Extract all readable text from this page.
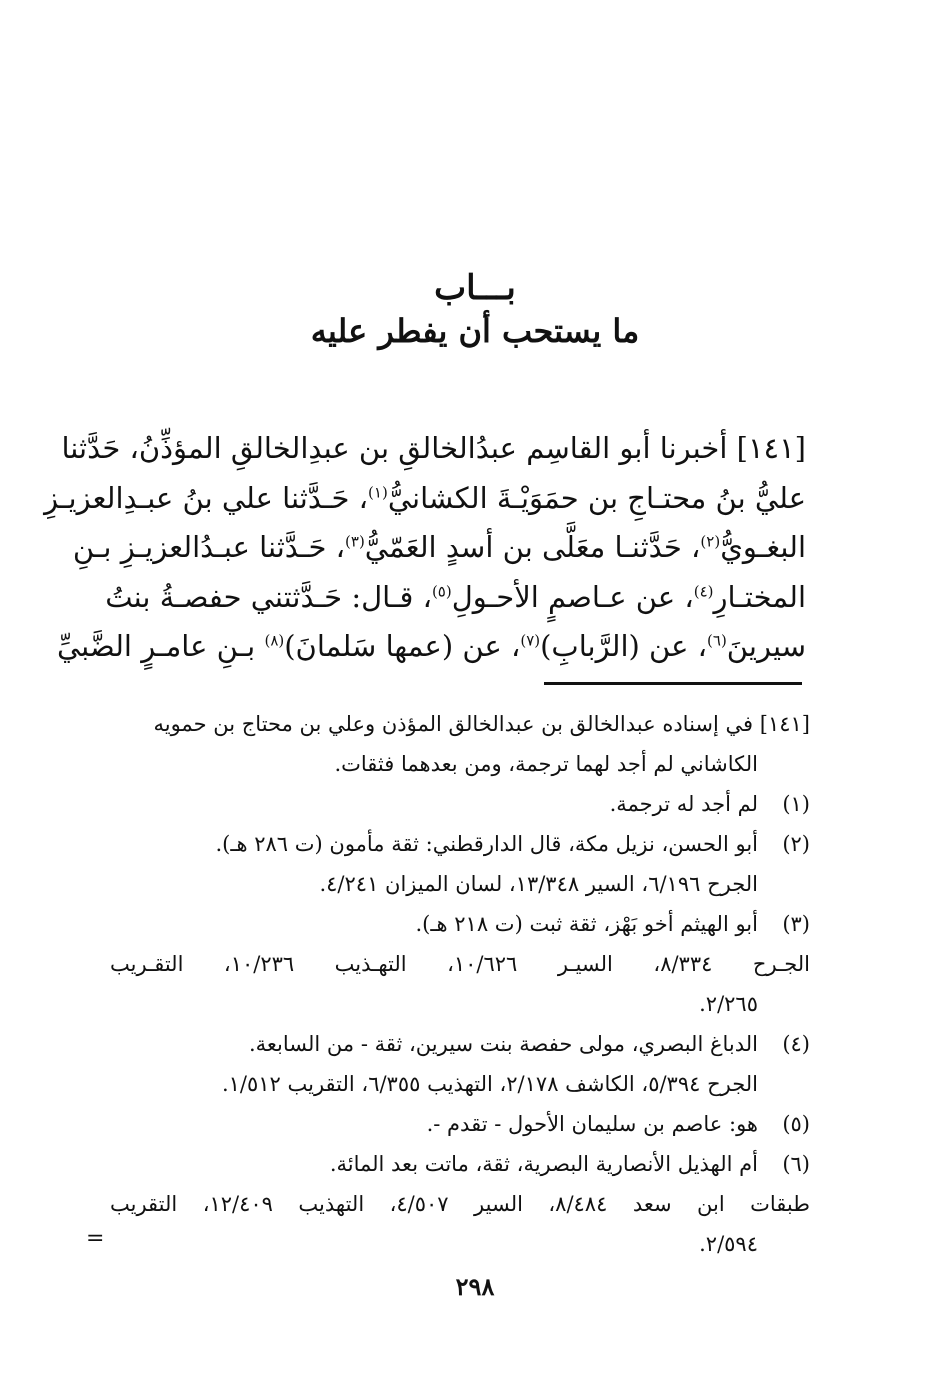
بـــاب
ما يستحب أن يفطر عليه
[١٤١] أخبرنا أبو القاسِم عبدُالخالقِ بن عبدِالخالقِ المؤذِّنُ، حَدَّثنا
عليُّ بنُ محتـاجِ بن حمَوَيْـةَ الكشانيُّ$^{(١)}$، حَـدَّثنا علي بنُ عبـدِالعزيـزِ
البغـويُّ$^{(٢)}$، حَدَّثنـا معَلَّى بن أسدٍ العَمّيُّ$^{(٣)}$، حَـدَّثنا عبـدُالعزيـزِ بـنِ
المختـارِ$^{(٤)}$، عن عـاصمٍ الأحـولِ$^{(٥)}$، قـال: حَـدَّثتني حفصـةُ بنتُ
سيرينَ$^{(٦)}$، عن (الرَّبابِ)$^{(٧)}$، عن (عمها سَلمانَ)$^{(٨)}$ بـنِ عامـرٍ الضَّبيِّ
[١٤١] في إسناده عبدالخالق بن عبدالخالق المؤذن وعلي بن محتاج بن حمويه
الكاشاني لم أجد لهما ترجمة، ومن بعدهما فثقات.
(١)
لم أجد له ترجمة.
(٢)
أبو الحسن، نزيل مكة، قال الدارقطني: ثقة مأمون (ت ٢٨٦ هـ).
الجرح ٦/١٩٦، السير ١٣/٣٤٨، لسان الميزان ٤/٢٤١.
(٣)
أبو الهيثم أخو بَهْز، ثقة ثبت (ت ٢١٨ هـ).
الجـرح ٨/٣٣٤، السيـر ١٠/٦٢٦، التهـذيب ١٠/٢٣٦، التقـريب
٢/٢٦٥.
(٤)
الدباغ البصري، مولى حفصة بنت سيرين، ثقة - من السابعة.
الجرح ٥/٣٩٤، الكاشف ٢/١٧٨، التهذيب ٦/٣٥٥، التقريب ١/٥١٢.
(٥)
هو: عاصم بن سليمان الأحول - تقدم -.
(٦)
أم الهذيل الأنصارية البصرية، ثقة، ماتت بعد المائة.
طبقات ابن سعد ٨/٤٨٤، السير ٤/٥٠٧، التهذيب ١٢/٤٠٩، التقريب
٢/٥٩٤.
=
٢٩٨
